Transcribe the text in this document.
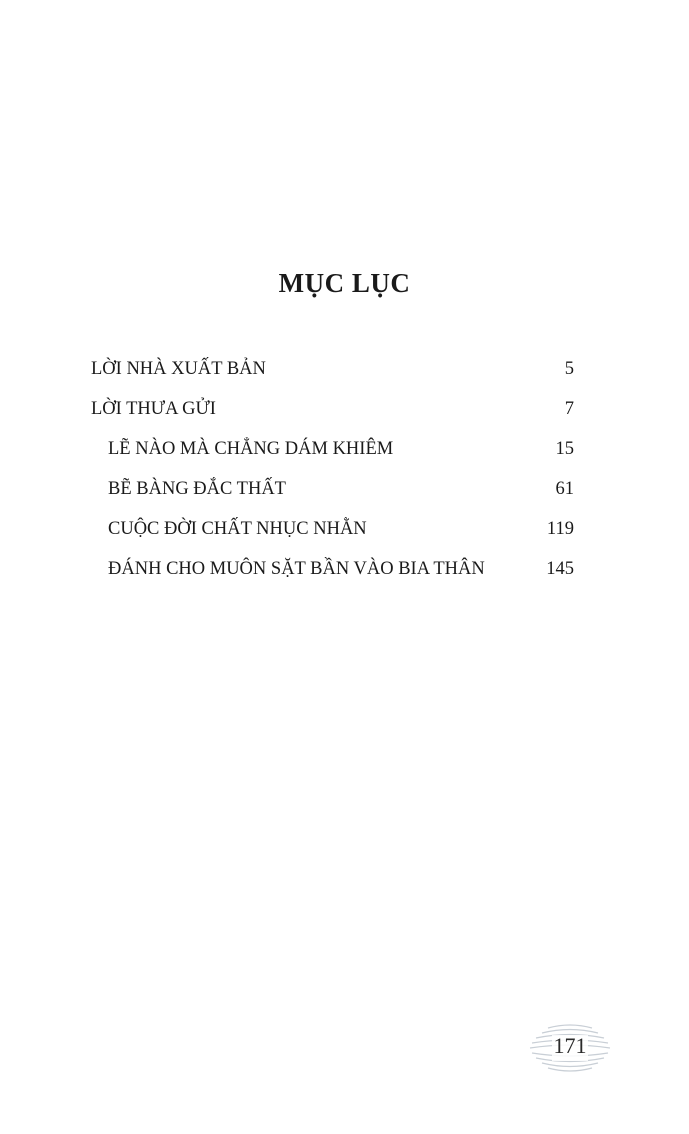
MỤC LỤC
LỜI NHÀ XUẤT BẢN	5
LỜI THƯA GỬI	7
LẼ NÀO MÀ CHẲNG DÁM KHIÊM	15
BẼ BÀNG ĐẮC THẤT	61
CUỘC ĐỜI CHẤT NHỤC NHẰN	119
ĐÁNH CHO MUÔN SẶT BẦN VÀO BIA THÂN	145
171
